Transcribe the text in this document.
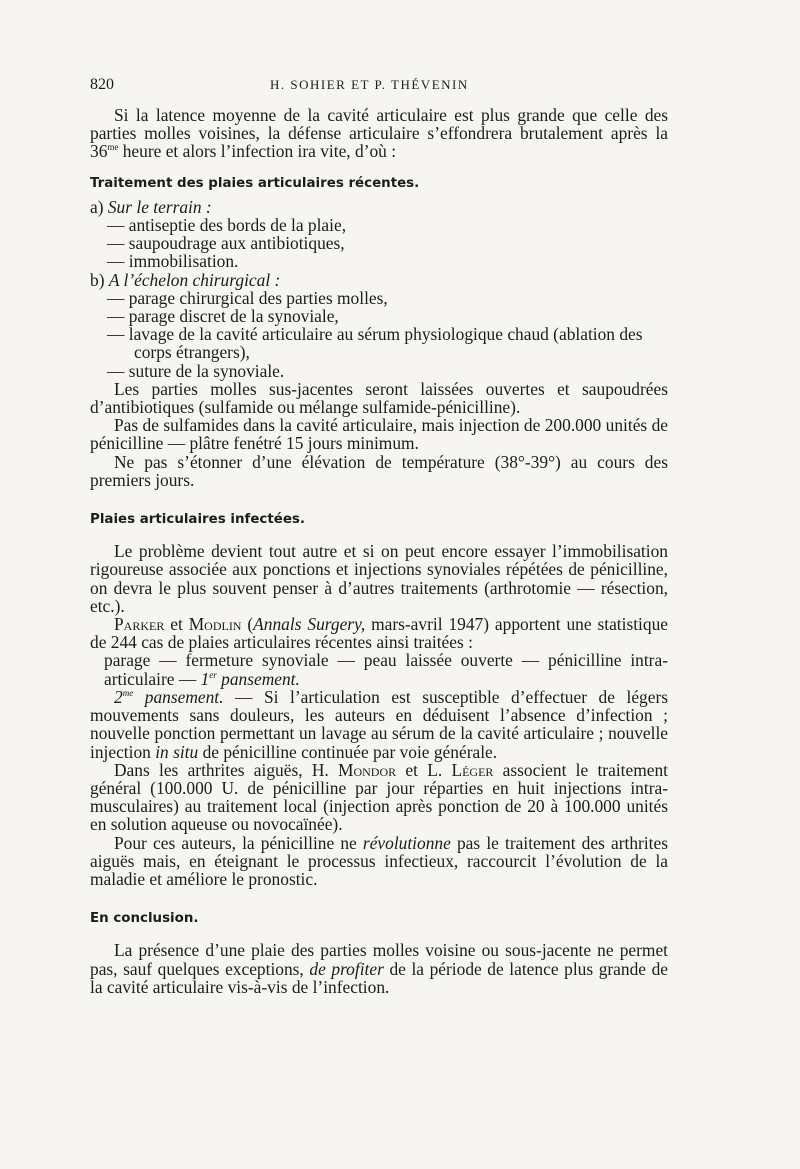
820	H. SOHIER ET P. THÉVENIN

Si la latence moyenne de la cavité articulaire est plus grande que celle des parties molles voisines, la défense articulaire s’effondrera brutalement après la $36^{me}$ heure et alors l’infection ira vite, d’où :

Traitement des plaies articulaires récentes.

a) Sur le terrain :

— antiseptie des bords de la plaie,

— saupoudrage aux antibiotiques,

— immobilisation.

b) A l’échelon chirurgical :

— parage chirurgical des parties molles,

— parage discret de la synoviale,

— lavage de la cavité articulaire au sérum physiologique chaud (ablation des corps étrangers),

— suture de la synoviale.

Les parties molles sus-jacentes seront laissées ouvertes et saupoudrées d’antibiotiques (sulfamide ou mélange sulfamide-pénicilline).

Pas de sulfamides dans la cavité articulaire, mais injection de 200.000 unités de pénicilline — plâtre fenétré 15 jours minimum.

Ne pas s’étonner d’une élévation de température (38°-39°) au cours des premiers jours.

Plaies articulaires infectées.

Le problème devient tout autre et si on peut encore essayer l’immobilisation rigoureuse associée aux ponctions et injections synoviales répétées de pénicilline, on devra le plus souvent penser à d’autres traitements (arthrotomie — résection, etc.).

Parker et Modlin (Annals Surgery, mars-avril 1947) apportent une statistique de 244 cas de plaies articulaires récentes ainsi traitées :

parage — fermeture synoviale — peau laissée ouverte — pénicilline intra-articulaire — 1er pansement.

$2^{me}$ pansement. — Si l’articulation est susceptible d’effectuer de légers mouvements sans douleurs, les auteurs en déduisent l’absence d’infection ; nouvelle ponction permettant un lavage au sérum de la cavité articulaire ; nouvelle injection in situ de pénicilline continuée par voie générale.

Dans les arthrites aiguës, H. Mondor et L. Léger associent le traitement général (100.000 U. de pénicilline par jour réparties en huit injections intra-musculaires) au traitement local (injection après ponction de 20 à 100.000 unités en solution aqueuse ou novocaïnée).

Pour ces auteurs, la pénicilline ne révolutionne pas le traitement des arthrites aiguës mais, en éteignant le processus infectieux, raccourcit l’évolution de la maladie et améliore le pronostic.

En conclusion.

La présence d’une plaie des parties molles voisine ou sous-jacente ne permet pas, sauf quelques exceptions, de profiter de la période de latence plus grande de la cavité articulaire vis-à-vis de l’infection.
